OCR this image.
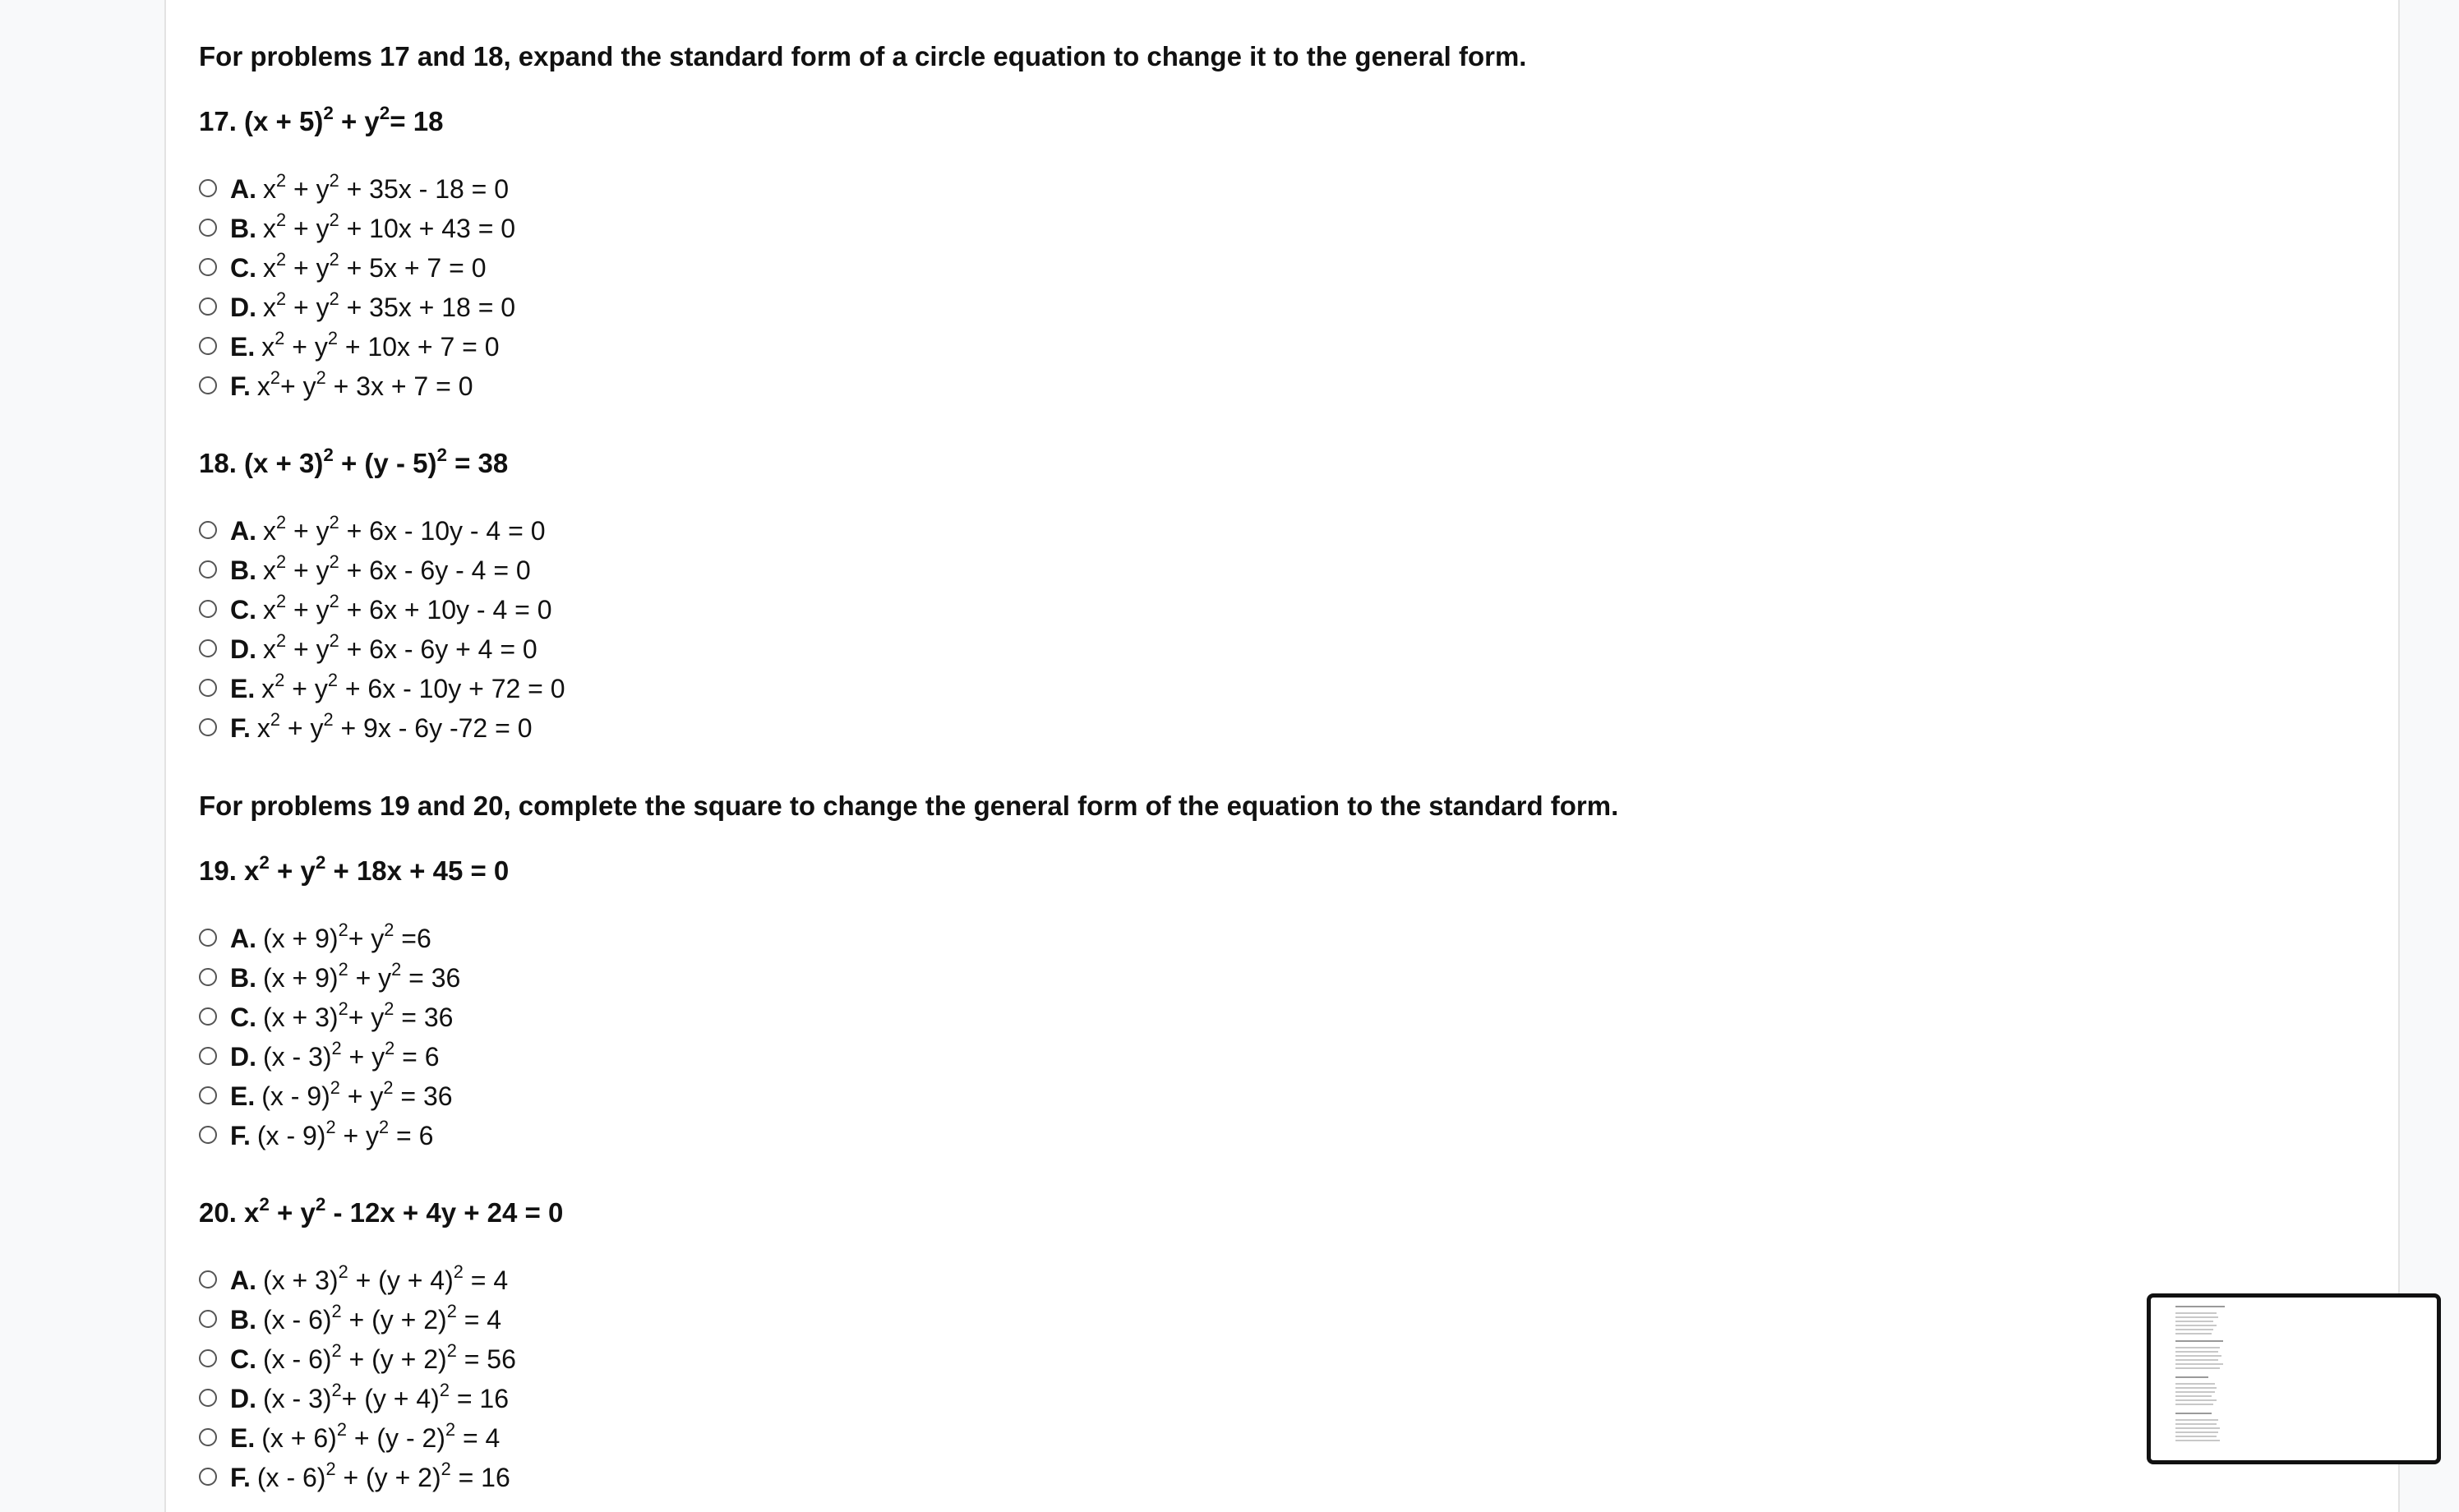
For problems 17 and 18, expand the standard form of a circle equation to change it to the general form.
17. $(x + 5)^2 + y^2= 18$
A. $x^2 + y^2 + 35x - 18 = 0$
B. $x^2 + y^2 + 10x + 43 = 0$
C. $x^2 + y^2 + 5x + 7 = 0$
D. $x^2 + y^2 + 35x + 18 = 0$
E. $x^2 + y^2 + 10x + 7 = 0$
F. $x^2+ y^2 + 3x + 7 = 0$
18. $(x + 3)^2 + (y - 5)^2 = 38$
A. $x^2 + y^2 + 6x - 10y - 4 = 0$
B. $x^2 + y^2 + 6x - 6y - 4 = 0$
C. $x^2 + y^2 + 6x + 10y - 4 = 0$
D. $x^2 + y^2 + 6x - 6y + 4 = 0$
E. $x^2 + y^2 + 6x - 10y + 72 = 0$
F. $x^2 + y^2 + 9x - 6y$ -72 = 0
For problems 19 and 20, complete the square to change the general form of the equation to the standard form.
19. $x^2 + y^2 + 18x + 45 = 0$
A. $(x + 9)^2+ y^2 =6$
B. $(x + 9)^2 + y^2 = 36$
C. $(x + 3)^2+ y^2 = 36$
D. $(x - 3)^2 + y^2 = 6$
E. $(x - 9)^2 + y^2 = 36$
F. $(x - 9)^2 + y^2 = 6$
20. $x^2 + y^2 - 12x + 4y + 24 = 0$
A. $(x + 3)^2 + (y + 4)^2 = 4$
B. $(x - 6)^2 + (y + 2)^2 = 4$
C. $(x - 6)^2 + (y + 2)^2 = 56$
D. $(x - 3)^2+ (y + 4)^2 = 16$
E. $(x + 6)^2 + (y - 2)^2 = 4$
F. $(x - 6)^2 + (y + 2)^2 = 16$
